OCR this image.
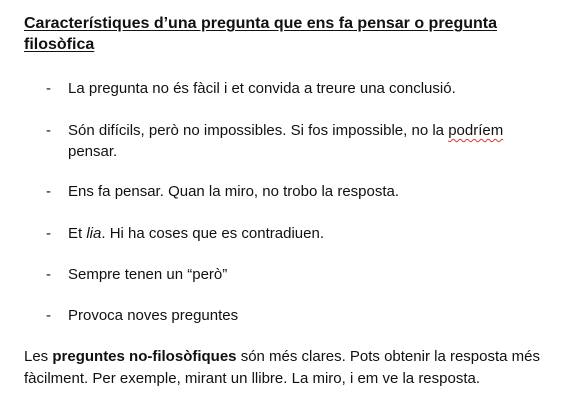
Característiques d’una pregunta que ens fa pensar o pregunta filosòfica
- La pregunta no és fàcil i et convida a treure una conclusió.
- Són difícils, però no impossibles. Si fos impossible, no la podríem pensar.
- Ens fa pensar. Quan la miro, no trobo la resposta.
- Et lia. Hi ha coses que es contradiuen.
- Sempre tenen un “però”
- Provoca noves preguntes

Les preguntes no-filosòfiques són més clares. Pots obtenir la resposta més fàcilment. Per exemple, mirant un llibre. La miro, i em ve la resposta.
